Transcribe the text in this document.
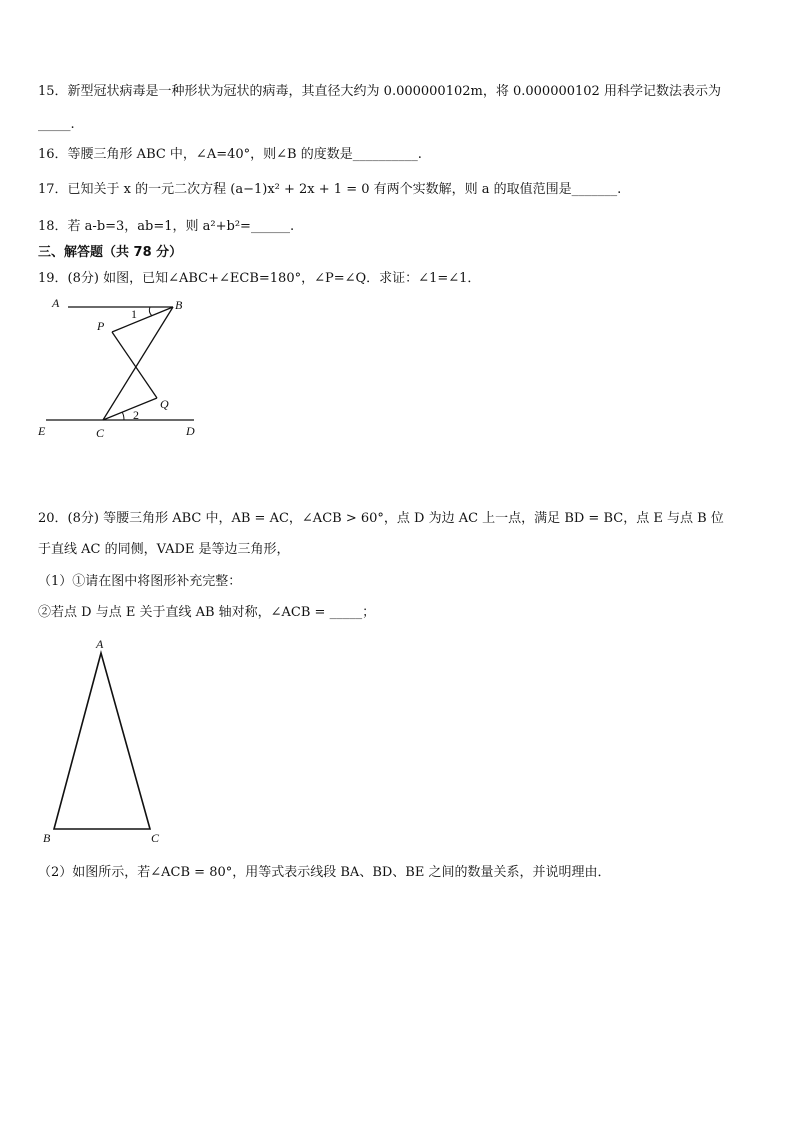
15．新型冠状病毒是一种形状为冠状的病毒，其直径大约为 0.000000102m，将 0.000000102 用科学记数法表示为
_____.
16．等腰三角形 ABC 中，∠A=40°，则∠B 的度数是__________.
17．已知关于 x 的一元二次方程 (a−1)x² + 2x + 1 = 0 有两个实数解，则 a 的取值范围是_______.
18．若 a-b=3，ab=1，则 a²+b²=______.
三、解答题（共 78 分）
19．(8分) 如图，已知∠ABC+∠ECB=180°，∠P=∠Q．求证：∠1=∠1．
A	B
P
1
Q
2
E	C	D
20．(8分) 等腰三角形 ABC 中，AB = AC，∠ACB > 60°，点 D 为边 AC 上一点，满足 BD = BC，点 E 与点 B 位
于直线 AC 的同侧，VADE 是等边三角形，
（1）①请在图中将图形补充完整：
②若点 D 与点 E 关于直线 AB 轴对称，∠ACB = _____；
A
B	C
（2）如图所示，若∠ACB = 80°，用等式表示线段 BA、BD、BE 之间的数量关系，并说明理由．
